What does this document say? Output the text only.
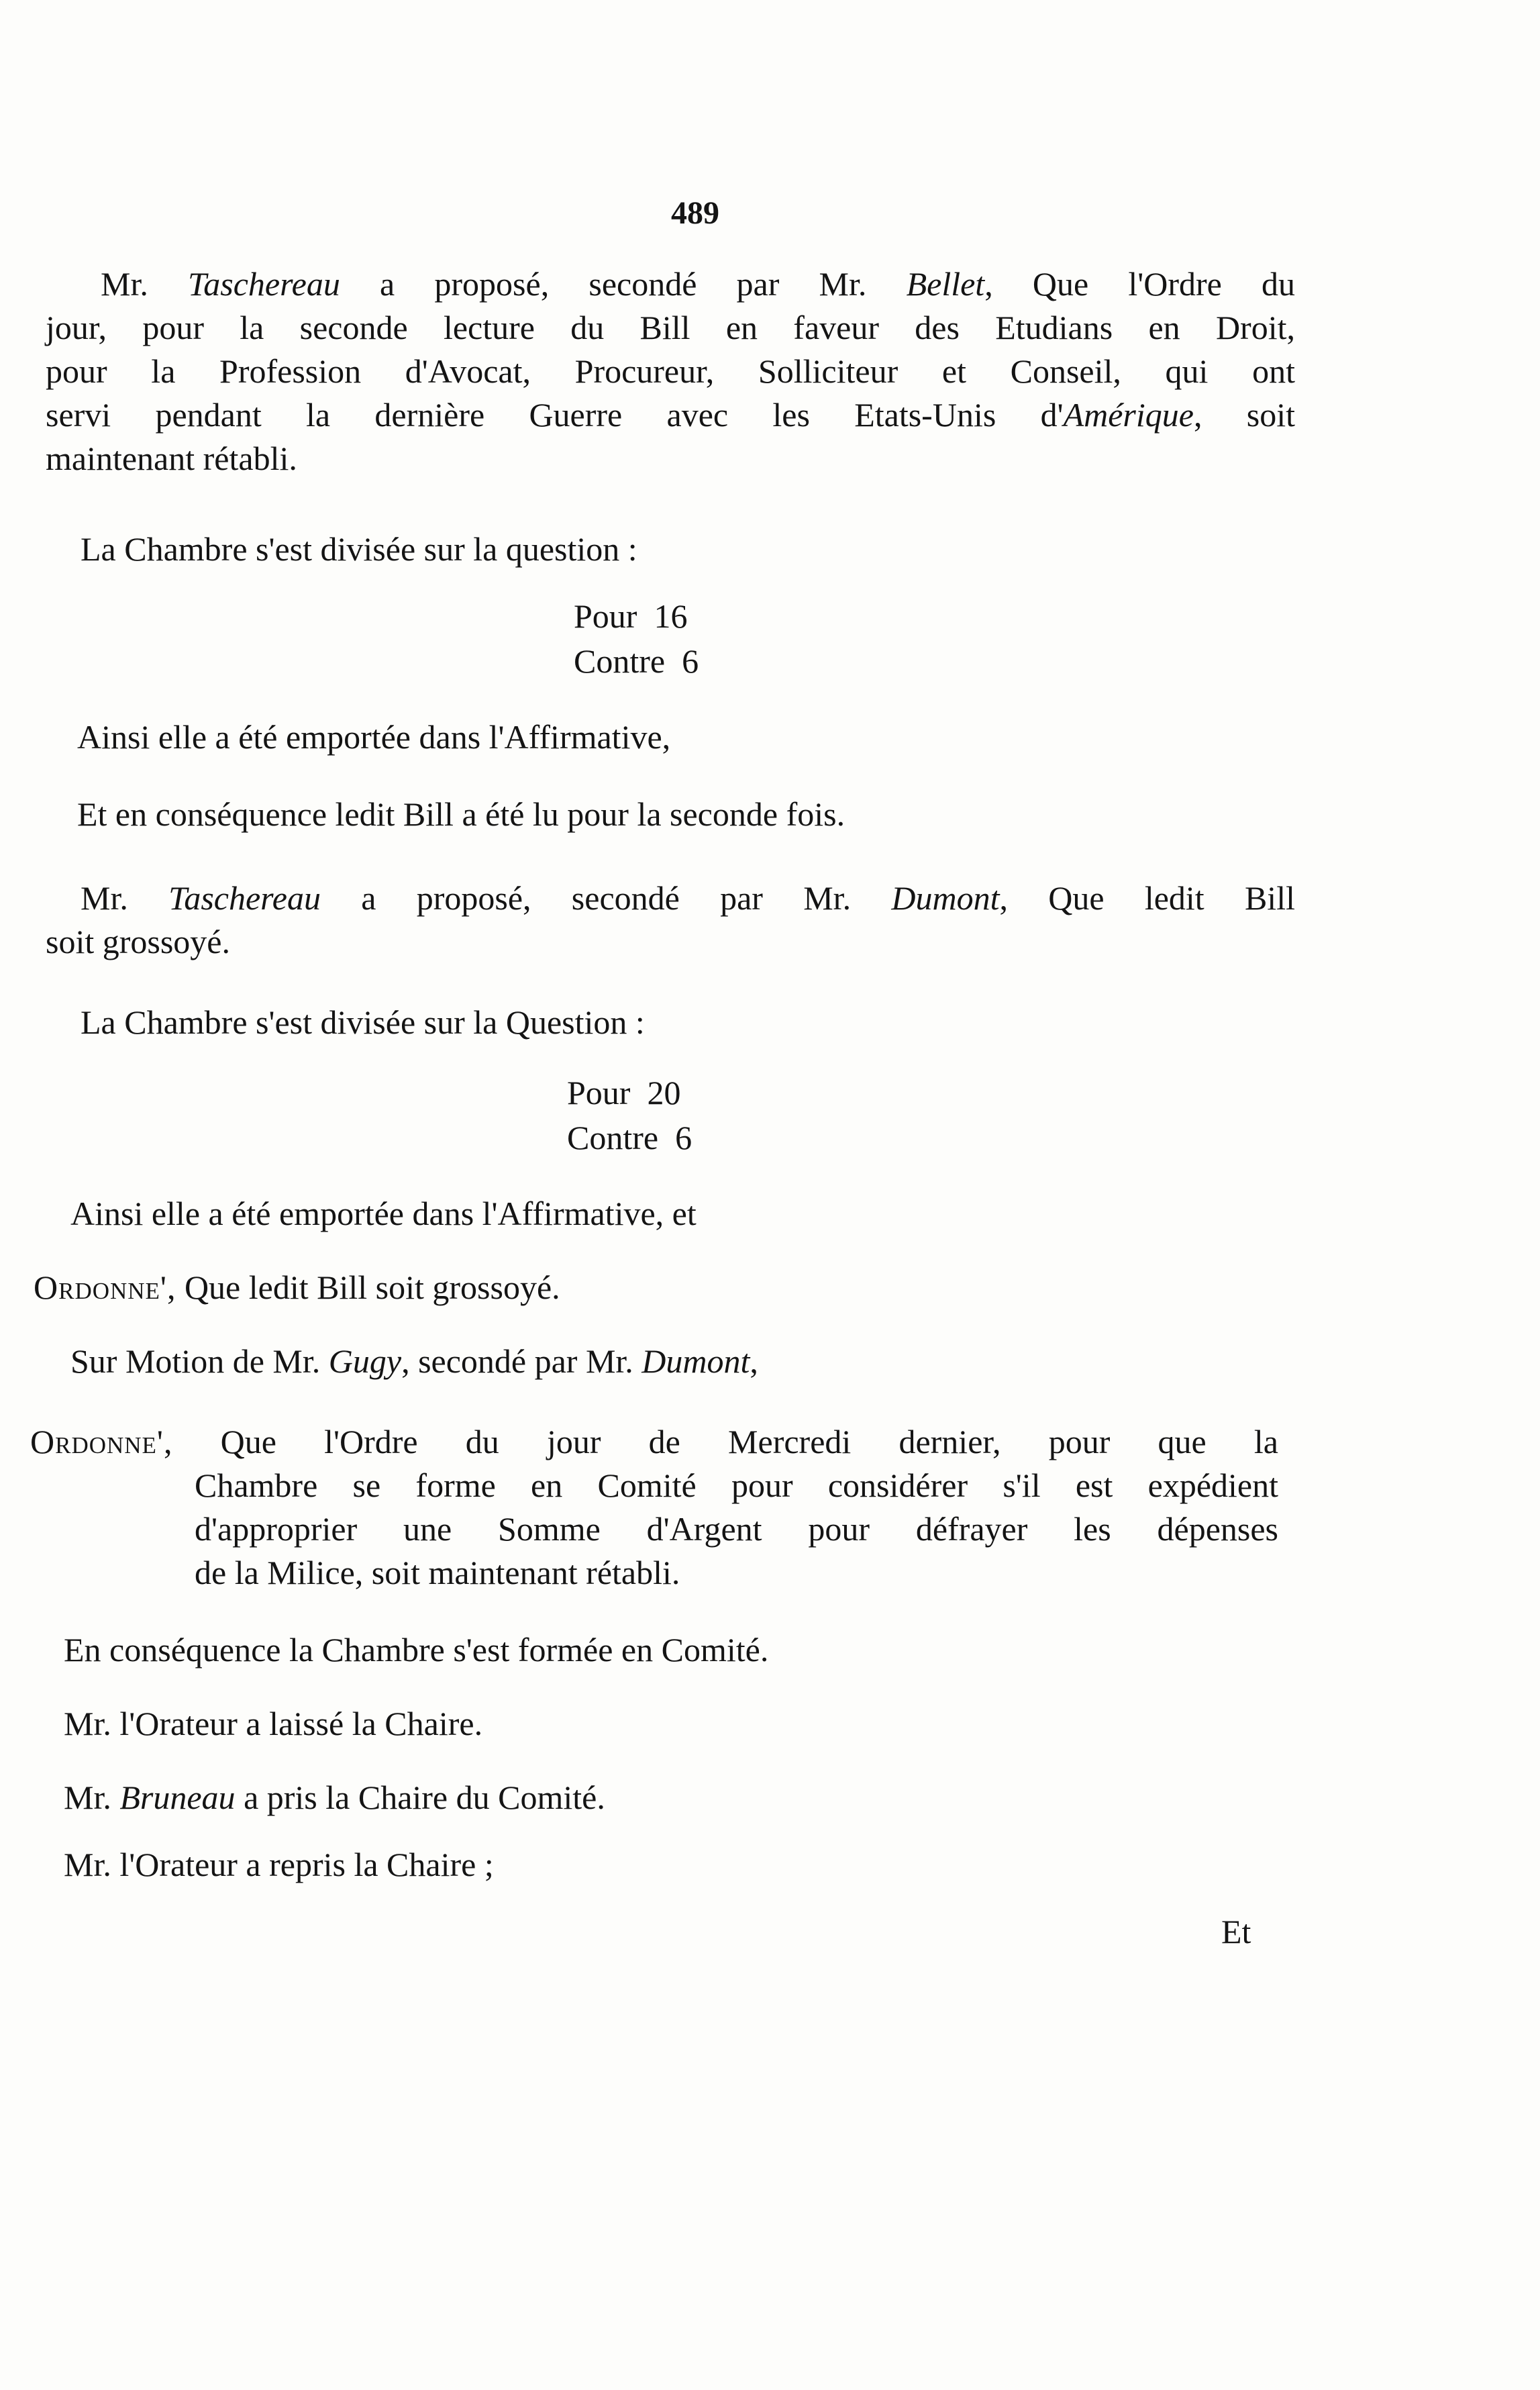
489
Mr. Taschereau a proposé, secondé par Mr. Bellet, Que l'Ordre du
jour, pour la seconde lecture du Bill en faveur des Etudians en Droit,
pour la Profession d'Avocat, Procureur, Solliciteur et Conseil, qui ont
servi pendant la dernière Guerre avec les Etats-Unis d'Amérique, soit
maintenant rétabli.
La Chambre s'est divisée sur la question :
Pour  16
Contre  6
Ainsi elle a été emportée dans l'Affirmative,
Et en conséquence ledit Bill a été lu pour la seconde fois.
Mr. Taschereau a proposé, secondé par Mr. Dumont, Que ledit Bill
soit grossoyé.
La Chambre s'est divisée sur la Question :
Pour  20
Contre  6
Ainsi elle a été emportée dans l'Affirmative, et
Ordonne', Que ledit Bill soit grossoyé.
Sur Motion de Mr. Gugy, secondé par Mr. Dumont,
Ordonne', Que l'Ordre du jour de Mercredi dernier, pour que la
Chambre se forme en Comité pour considérer s'il est expédient
d'approprier une Somme d'Argent pour défrayer les dépenses
de la Milice, soit maintenant rétabli.
En conséquence la Chambre s'est formée en Comité.
Mr. l'Orateur a laissé la Chaire.
Mr. Bruneau a pris la Chaire du Comité.
Mr. l'Orateur a repris la Chaire ;
Et
